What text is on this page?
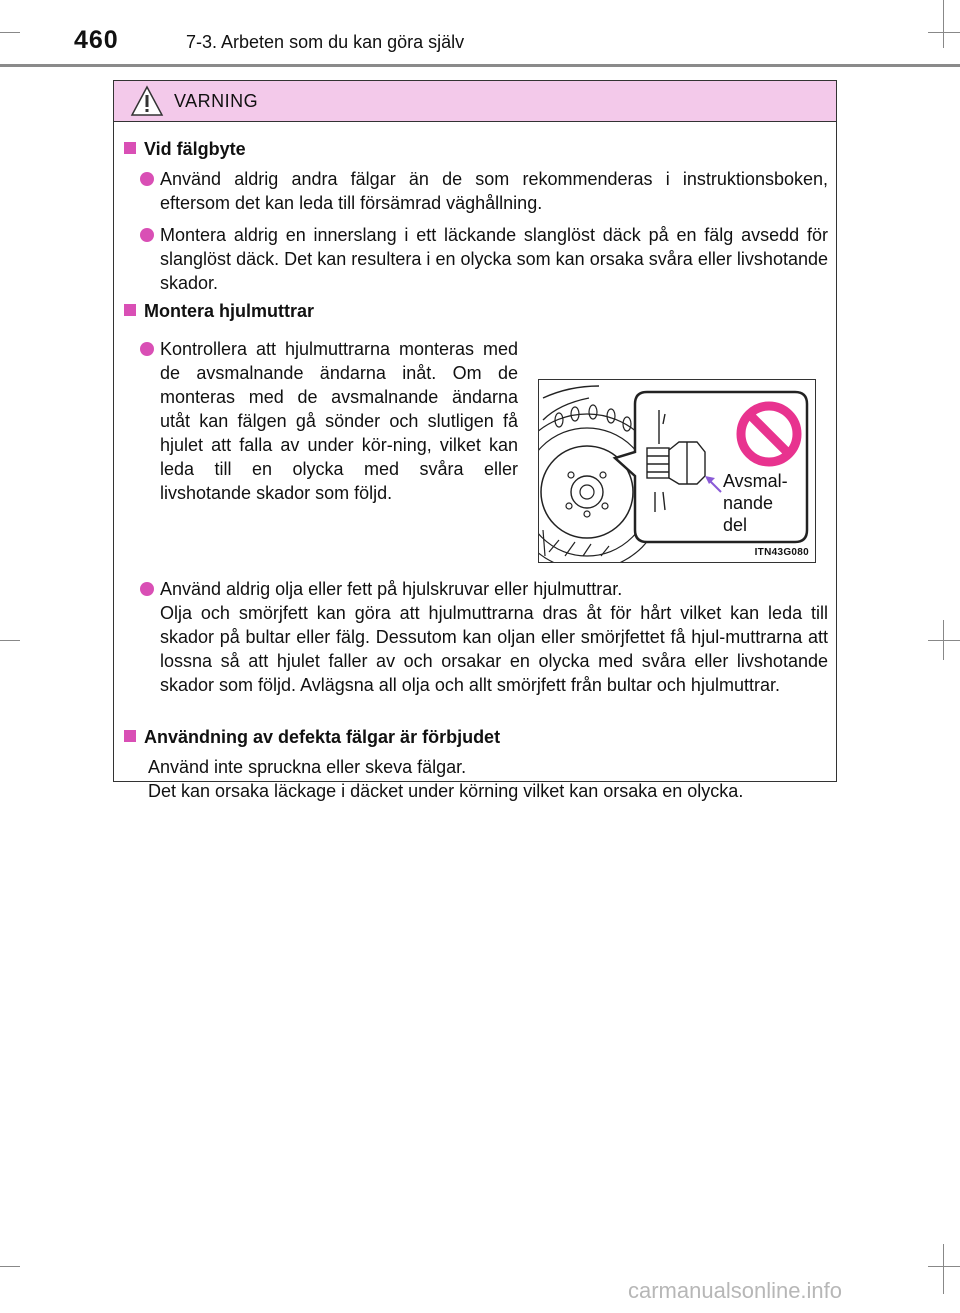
460	7-3. Arbeten som du kan göra själv
VARNING
Vid fälgbyte
Använd aldrig andra fälgar än de som rekommenderas i instruktionsboken, eftersom det kan leda till försämrad väghållning.
Montera aldrig en innerslang i ett läckande slanglöst däck på en fälg avsedd för slanglöst däck. Det kan resultera i en olycka som kan orsaka svåra eller livshotande skador.
Montera hjulmuttrar
Kontrollera att hjulmuttrarna monteras med de avsmalnande ändarna inåt. Om de monteras med de avsmalnande ändarna utåt kan fälgen gå sönder och slutligen få hjulet att falla av under kör-ning, vilket kan leda till en olycka med svåra eller livshotande skador som följd.
Avsmal-
nande
del
ITN43G080
Använd aldrig olja eller fett på hjulskruvar eller hjulmuttrar.
Olja och smörjfett kan göra att hjulmuttrarna dras åt för hårt vilket kan leda till skador på bultar eller fälg. Dessutom kan oljan eller smörjfettet få hjul-muttrarna att lossna så att hjulet faller av och orsakar en olycka med svåra eller livshotande skador som följd. Avlägsna all olja och allt smörjfett från bultar och hjulmuttrar.
Användning av defekta fälgar är förbjudet
Använd inte spruckna eller skeva fälgar.
Det kan orsaka läckage i däcket under körning vilket kan orsaka en olycka.
carmanualsonline.info
